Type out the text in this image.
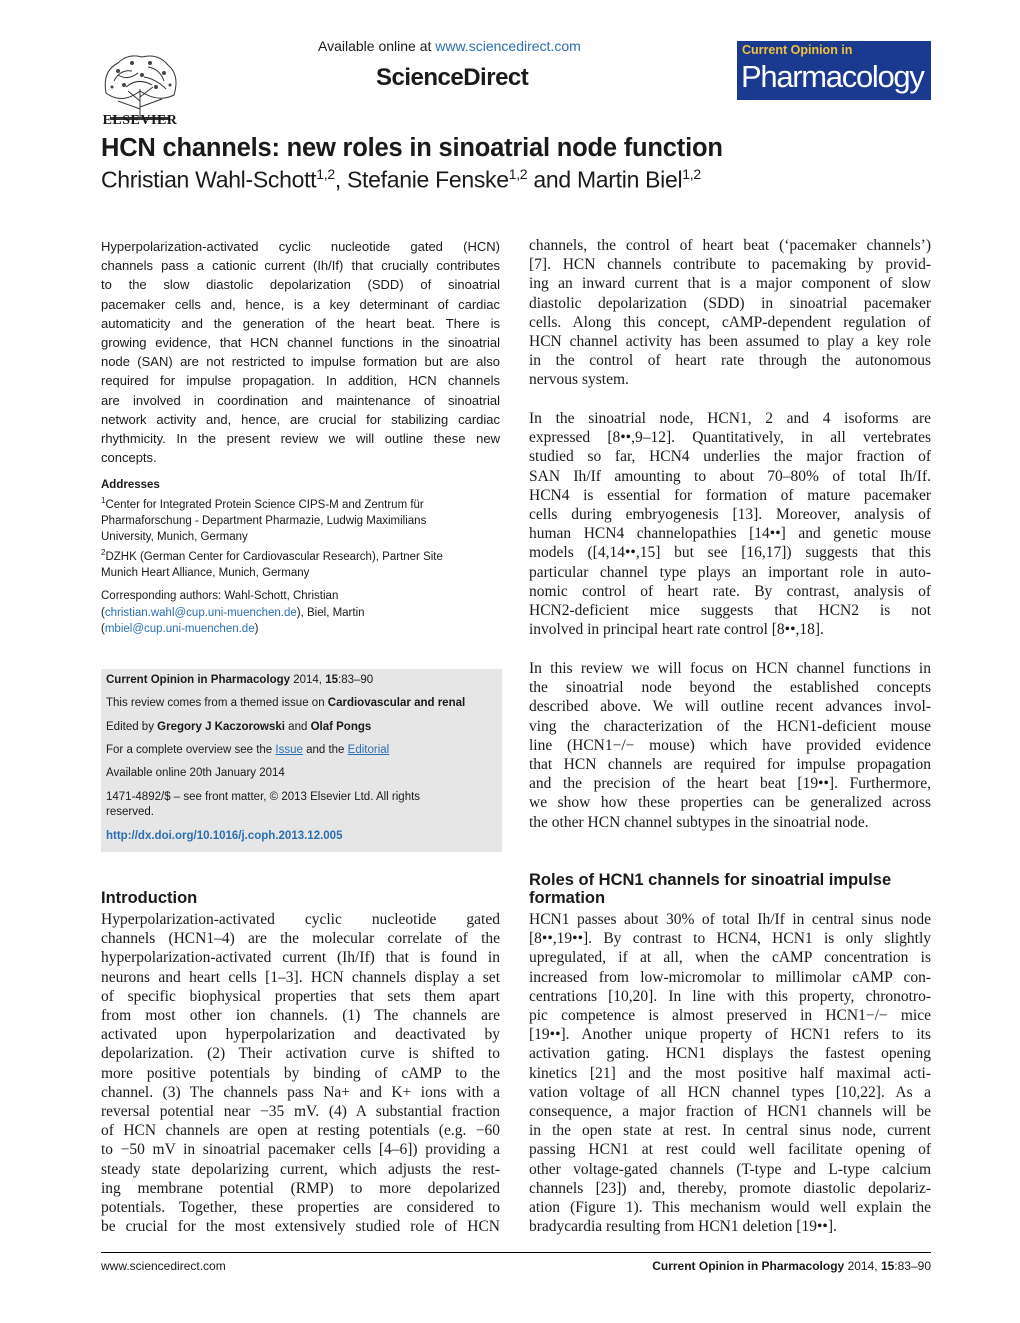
ELSEVIER
Available online at www.sciencedirect.com
ScienceDirect
Current Opinion in
Pharmacology
HCN channels: new roles in sinoatrial node function
Christian Wahl-Schott$^{1,2}$, Stefanie Fenske$^{1,2}$ and Martin Biel$^{1,2}$
Hyperpolarization-activated cyclic nucleotide gated (HCN)
channels pass a cationic current (Ih/If) that crucially contributes
to the slow diastolic depolarization (SDD) of sinoatrial
pacemaker cells and, hence, is a key determinant of cardiac
automaticity and the generation of the heart beat. There is
growing evidence, that HCN channel functions in the sinoatrial
node (SAN) are not restricted to impulse formation but are also
required for impulse propagation. In addition, HCN channels
are involved in coordination and maintenance of sinoatrial
network activity and, hence, are crucial for stabilizing cardiac
rhythmicity. In the present review we will outline these new
concepts.
Addresses
$^1$Center for Integrated Protein Science CIPS-M and Zentrum für
Pharmaforschung - Department Pharmazie, Ludwig Maximilians
University, Munich, Germany
$^2$DZHK (German Center for Cardiovascular Research), Partner Site
Munich Heart Alliance, Munich, Germany
Corresponding authors: Wahl-Schott, Christian
(christian.wahl@cup.uni-muenchen.de), Biel, Martin
(mbiel@cup.uni-muenchen.de)
Current Opinion in Pharmacology 2014, 15:83–90
This review comes from a themed issue on Cardiovascular and renal
Edited by Gregory J Kaczorowski and Olaf Pongs
For a complete overview see the Issue and the Editorial
Available online 20th January 2014
1471-4892/$ – see front matter, © 2013 Elsevier Ltd. All rights
reserved.
http://dx.doi.org/10.1016/j.coph.2013.12.005
Introduction
Hyperpolarization-activated cyclic nucleotide gated
channels (HCN1–4) are the molecular correlate of the
hyperpolarization-activated current (Ih/If) that is found in
neurons and heart cells [1–3]. HCN channels display a set
of specific biophysical properties that sets them apart
from most other ion channels. (1) The channels are
activated upon hyperpolarization and deactivated by
depolarization. (2) Their activation curve is shifted to
more positive potentials by binding of cAMP to the
channel. (3) The channels pass Na+ and K+ ions with a
reversal potential near −35 mV. (4) A substantial fraction
of HCN channels are open at resting potentials (e.g. −60
to −50 mV in sinoatrial pacemaker cells [4–6]) providing a
steady state depolarizing current, which adjusts the rest-
ing membrane potential (RMP) to more depolarized
potentials. Together, these properties are considered to
be crucial for the most extensively studied role of HCN
channels, the control of heart beat (‘pacemaker channels’)
[7]. HCN channels contribute to pacemaking by provid-
ing an inward current that is a major component of slow
diastolic depolarization (SDD) in sinoatrial pacemaker
cells. Along this concept, cAMP-dependent regulation of
HCN channel activity has been assumed to play a key role
in the control of heart rate through the autonomous
nervous system.
In the sinoatrial node, HCN1, 2 and 4 isoforms are
expressed [8••,9–12]. Quantitatively, in all vertebrates
studied so far, HCN4 underlies the major fraction of
SAN Ih/If amounting to about 70–80% of total Ih/If.
HCN4 is essential for formation of mature pacemaker
cells during embryogenesis [13]. Moreover, analysis of
human HCN4 channelopathies [14••] and genetic mouse
models ([4,14••,15] but see [16,17]) suggests that this
particular channel type plays an important role in auto-
nomic control of heart rate. By contrast, analysis of
HCN2-deficient mice suggests that HCN2 is not
involved in principal heart rate control [8••,18].
In this review we will focus on HCN channel functions in
the sinoatrial node beyond the established concepts
described above. We will outline recent advances invol-
ving the characterization of the HCN1-deficient mouse
line (HCN1−/− mouse) which have provided evidence
that HCN channels are required for impulse propagation
and the precision of the heart beat [19••]. Furthermore,
we show how these properties can be generalized across
the other HCN channel subtypes in the sinoatrial node.
Roles of HCN1 channels for sinoatrial impulse
formation
HCN1 passes about 30% of total Ih/If in central sinus node
[8••,19••]. By contrast to HCN4, HCN1 is only slightly
upregulated, if at all, when the cAMP concentration is
increased from low-micromolar to millimolar cAMP con-
centrations [10,20]. In line with this property, chronotro-
pic competence is almost preserved in HCN1−/− mice
[19••]. Another unique property of HCN1 refers to its
activation gating. HCN1 displays the fastest opening
kinetics [21] and the most positive half maximal acti-
vation voltage of all HCN channel types [10,22]. As a
consequence, a major fraction of HCN1 channels will be
in the open state at rest. In central sinus node, current
passing HCN1 at rest could well facilitate opening of
other voltage-gated channels (T-type and L-type calcium
channels [23]) and, thereby, promote diastolic depolariz-
ation (Figure 1). This mechanism would well explain the
bradycardia resulting from HCN1 deletion [19••].
www.sciencedirect.com	Current Opinion in Pharmacology 2014, 15:83–90
